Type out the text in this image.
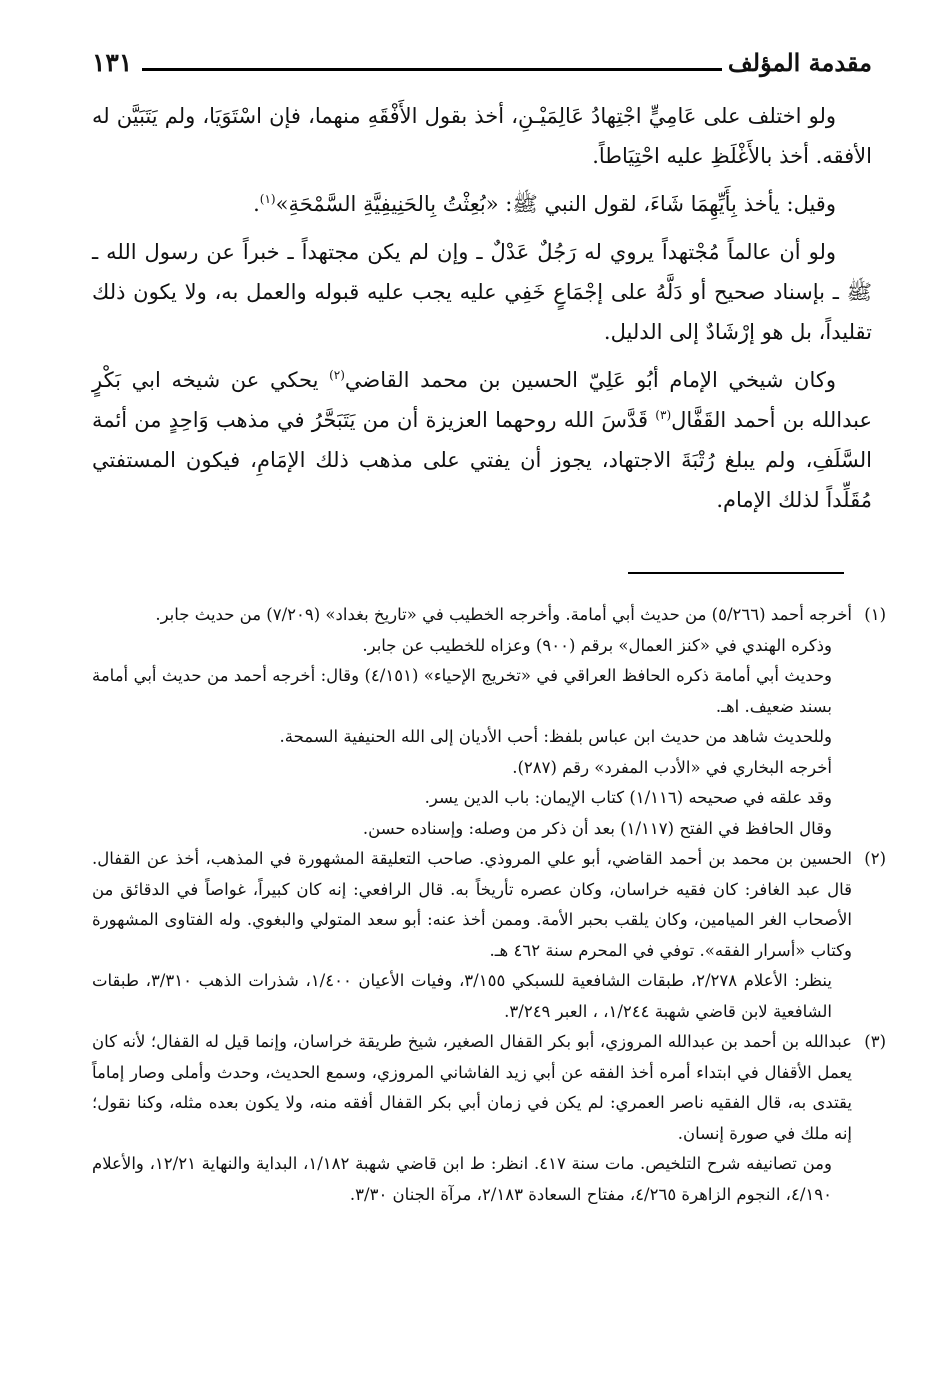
١٣١	مقدمة المؤلف

ولو اختلف على عَامِيٍّ اجْتِهادُ عَالِمَيْـنِ، أخذ بقول الأَفْقَهِ منهما، فإن اسْتَوَيَا، ولم يَتَبَيَّن له الأفقه. أخذ بالأَغْلَظِ عليه احْتِيَاطاً.

وقيل: يأخذ بِأَيِّهِمَا شَاءَ، لقول النبي ﷺ: «بُعِثْتُ بِالحَنِيفِيَّةِ السَّمْحَةِ»$^{(١)}$.

ولو أن عالماً مُجْتهداً يروي له رَجُلٌ عَدْلٌ ـ وإن لم يكن مجتهداً ـ خبراً عن رسول الله ـ ﷺ ـ بإسناد صحيح أو دَلَّهُ على إجْمَاعٍ خَفِي عليه يجب عليه قبوله والعمل به، ولا يكون ذلك تقليداً، بل هو إرْشَادٌ إلى الدليل.

وكان شيخي الإمام أبُو عَلِيّ الحسين بن محمد القاضي$^{(٢)}$ يحكي عن شيخه ابي بَكْرٍ عبدالله بن أحمد القَفَّال$^{(٣)}$ قَدَّسَ الله روحهما العزيزة أن من يَتَبَحَّرُ في مذهب وَاحِدٍ من أئمة السَّلَفِ، ولم يبلغ رُتْبَةَ الاجتهاد، يجوز أن يفتي على مذهب ذلك الإمَامِ، فيكون المستفتي مُقَلِّداً لذلك الإمام.

(١)
أخرجه أحمد (٥/٢٦٦) من حديث أبي أمامة. وأخرجه الخطيب في «تاريخ بغداد» (٧/٢٠٩) من حديث جابر.

وذكره الهندي في «كنز العمال» برقم (٩٠٠) وعزاه للخطيب عن جابر.

وحديث أبي أمامة ذكره الحافظ العراقي في «تخريج الإحياء» (٤/١٥١) وقال: أخرجه أحمد من حديث أبي أمامة بسند ضعيف. اهـ.

وللحديث شاهد من حديث ابن عباس بلفظ: أحب الأديان إلى الله الحنيفية السمحة.

أخرجه البخاري في «الأدب المفرد» رقم (٢٨٧).

وقد علقه في صحيحه (١/١١٦) كتاب الإيمان: باب الدين يسر.

وقال الحافظ في الفتح (١/١١٧) بعد أن ذكر من وصله: وإسناده حسن.

(٢)
الحسين بن محمد بن أحمد القاضي، أبو علي المروذي. صاحب التعليقة المشهورة في المذهب، أخذ عن القفال. قال عبد الغافر: كان فقيه خراسان، وكان عصره تأريخاً به. قال الرافعي: إنه كان كبيراً، غواصاً في الدقائق من الأصحاب الغر الميامين، وكان يلقب بحبر الأمة. وممن أخذ عنه: أبو سعد المتولي والبغوي. وله الفتاوى المشهورة وكتاب «أسرار الفقه». توفي في المحرم سنة ٤٦٢ هـ.

ينظر: الأعلام ٢/٢٧٨، طبقات الشافعية للسبكي ٣/١٥٥، وفيات الأعيان ١/٤٠٠، شذرات الذهب ٣/٣١٠، طبقات الشافعية لابن قاضي شهبة ١/٢٤٤، ، العبر ٣/٢٤٩.

(٣)
عبدالله بن أحمد بن عبدالله المروزي، أبو بكر القفال الصغير، شيخ طريقة خراسان، وإنما قيل له القفال؛ لأنه كان يعمل الأقفال في ابتداء أمره أخذ الفقه عن أبي زيد الفاشاني المروزي، وسمع الحديث، وحدث وأملى وصار إماماً يقتدى به، قال الفقيه ناصر العمري: لم يكن في زمان أبي بكر القفال أفقه منه، ولا يكون بعده مثله، وكنا نقول؛ إنه ملك في صورة إنسان.

ومن تصانيفه شرح التلخيص. مات سنة ٤١٧. انظر: ط ابن قاضي شهبة ١/١٨٢، البداية والنهاية ١٢/٢١، والأعلام ٤/١٩٠، النجوم الزاهرة ٤/٢٦٥، مفتاح السعادة ٢/١٨٣، مرآة الجنان ٣/٣٠.
